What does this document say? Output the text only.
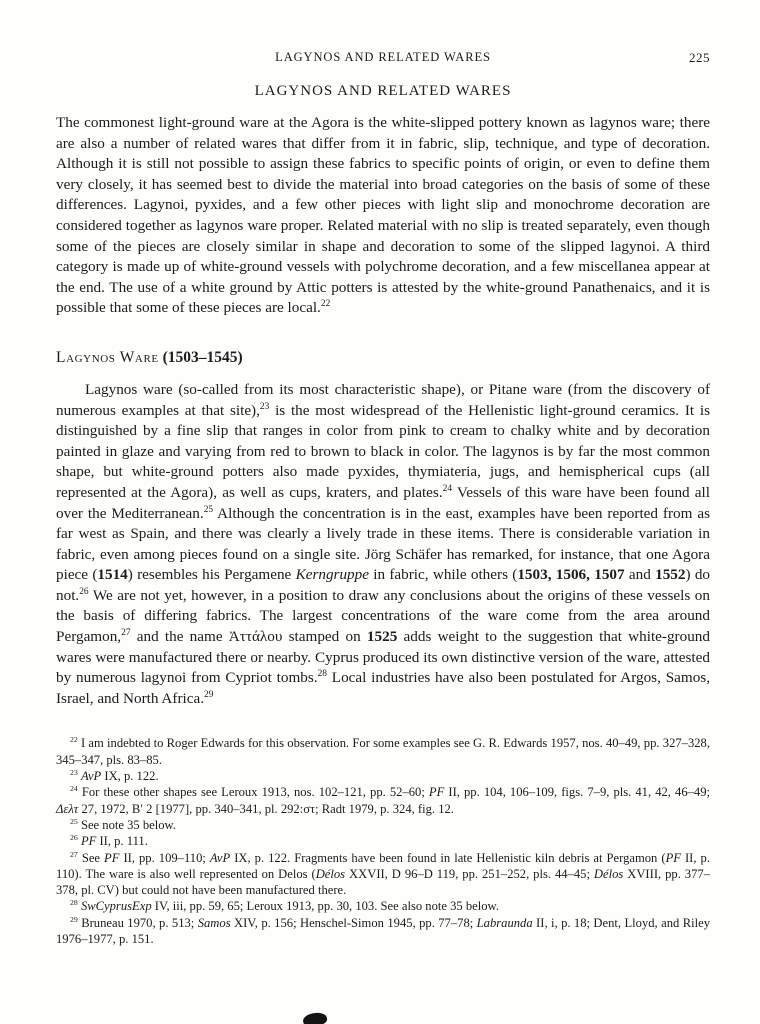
LAGYNOS AND RELATED WARES	225
LAGYNOS AND RELATED WARES

The commonest light-ground ware at the Agora is the white-slipped pottery known as lagynos ware; there are also a number of related wares that differ from it in fabric, slip, technique, and type of decoration. Although it is still not possible to assign these fabrics to specific points of origin, or even to define them very closely, it has seemed best to divide the material into broad categories on the basis of some of these differences. Lagynoi, pyxides, and a few other pieces with light slip and monochrome decoration are considered together as lagynos ware proper. Related material with no slip is treated separately, even though some of the pieces are closely similar in shape and decoration to some of the slipped lagynoi. A third category is made up of white-ground vessels with polychrome decoration, and a few miscellanea appear at the end. The use of a white ground by Attic potters is attested by the white-ground Panathenaics, and it is possible that some of these pieces are local.$^{22}$

Lagynos Ware (1503–1545)

Lagynos ware (so-called from its most characteristic shape), or Pitane ware (from the discovery of numerous examples at that site),$^{23}$ is the most widespread of the Hellenistic light-ground ceramics. It is distinguished by a fine slip that ranges in color from pink to cream to chalky white and by decoration painted in glaze and varying from red to brown to black in color. The lagynos is by far the most common shape, but white-ground potters also made pyxides, thymiateria, jugs, and hemispherical cups (all represented at the Agora), as well as cups, kraters, and plates.$^{24}$ Vessels of this ware have been found all over the Mediterranean.$^{25}$ Although the concentration is in the east, examples have been reported from as far west as Spain, and there was clearly a lively trade in these items. There is considerable variation in fabric, even among pieces found on a single site. Jörg Schäfer has remarked, for instance, that one Agora piece (1514) resembles his Pergamene Kerngruppe in fabric, while others (1503, 1506, 1507 and 1552) do not.$^{26}$ We are not yet, however, in a position to draw any conclusions about the origins of these vessels on the basis of differing fabrics. The largest concentrations of the ware come from the area around Pergamon,$^{27}$ and the name Ἀττάλου stamped on 1525 adds weight to the suggestion that white-ground wares were manufactured there or nearby. Cyprus produced its own distinctive version of the ware, attested by numerous lagynoi from Cypriot tombs.$^{28}$ Local industries have also been postulated for Argos, Samos, Israel, and North Africa.$^{29}$

$^{22}$ I am indebted to Roger Edwards for this observation. For some examples see G. R. Edwards 1957, nos. 40–49, pp. 327–328, 345–347, pls. 83–85.

$^{23}$ AvP IX, p. 122.

$^{24}$ For these other shapes see Leroux 1913, nos. 102–121, pp. 52–60; PF II, pp. 104, 106–109, figs. 7–9, pls. 41, 42, 46–49; Δελτ 27, 1972, Β′ 2 [1977], pp. 340–341, pl. 292:στ; Radt 1979, p. 324, fig. 12.

$^{25}$ See note 35 below.

$^{26}$ PF II, p. 111.

$^{27}$ See PF II, pp. 109–110; AvP IX, p. 122. Fragments have been found in late Hellenistic kiln debris at Pergamon (PF II, p. 110). The ware is also well represented on Delos (Délos XXVII, D 96–D 119, pp. 251–252, pls. 44–45; Délos XVIII, pp. 377–378, pl. CV) but could not have been manufactured there.

$^{28}$ SwCyprusExp IV, iii, pp. 59, 65; Leroux 1913, pp. 30, 103. See also note 35 below.

$^{29}$ Bruneau 1970, p. 513; Samos XIV, p. 156; Henschel-Simon 1945, pp. 77–78; Labraunda II, i, p. 18; Dent, Lloyd, and Riley 1976–1977, p. 151.
